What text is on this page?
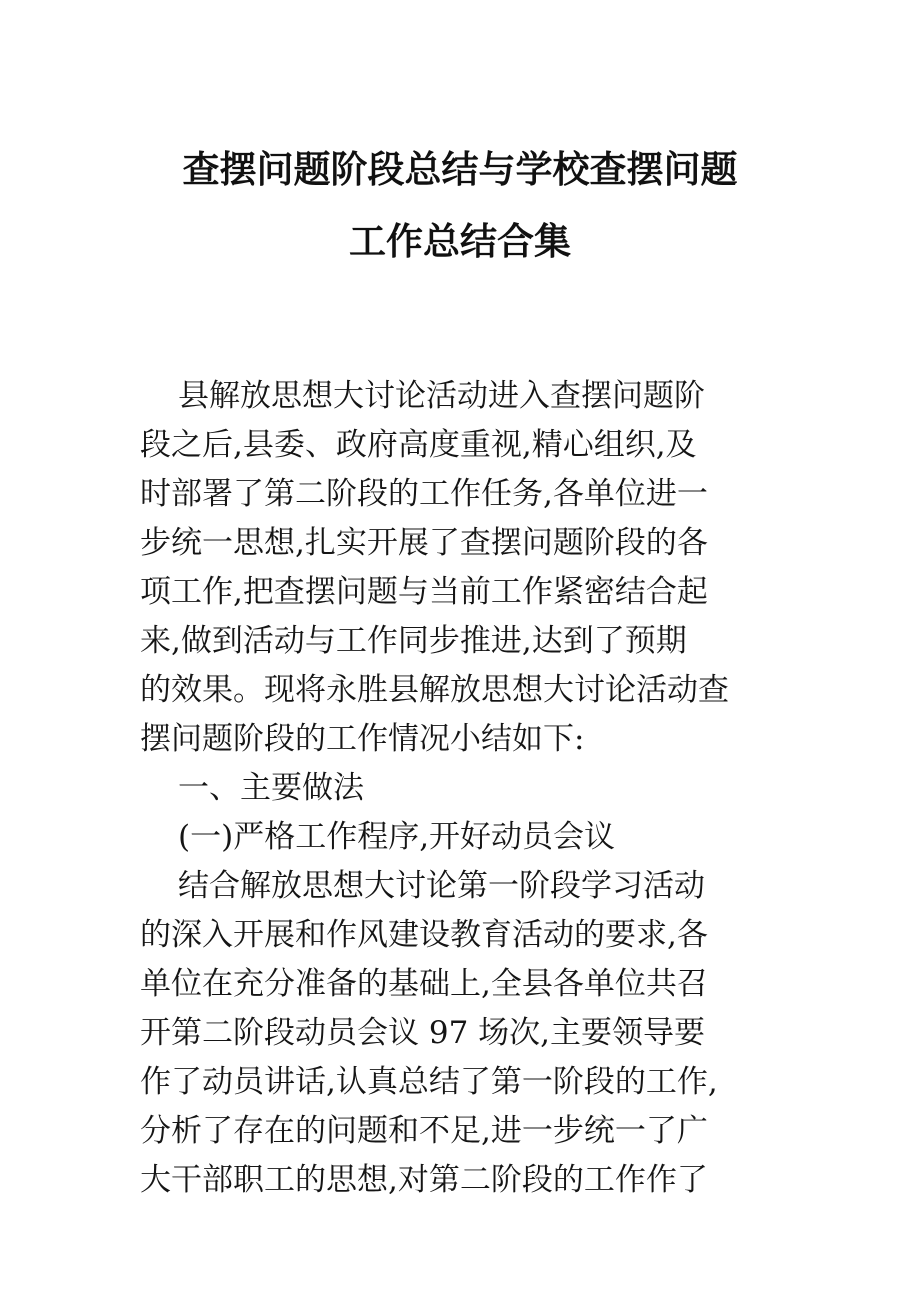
查摆问题阶段总结与学校查摆问题
工作总结合集
县解放思想大讨论活动进入查摆问题阶
段之后,县委、政府高度重视,精心组织,及
时部署了第二阶段的工作任务,各单位进一
步统一思想,扎实开展了查摆问题阶段的各
项工作,把查摆问题与当前工作紧密结合起
来,做到活动与工作同步推进,达到了预期
的效果。现将永胜县解放思想大讨论活动查
摆问题阶段的工作情况小结如下:
一、主要做法
(一)严格工作程序,开好动员会议
结合解放思想大讨论第一阶段学习活动
的深入开展和作风建设教育活动的要求,各
单位在充分准备的基础上,全县各单位共召
开第二阶段动员会议 97 场次,主要领导要
作了动员讲话,认真总结了第一阶段的工作,
分析了存在的问题和不足,进一步统一了广
大干部职工的思想,对第二阶段的工作作了
